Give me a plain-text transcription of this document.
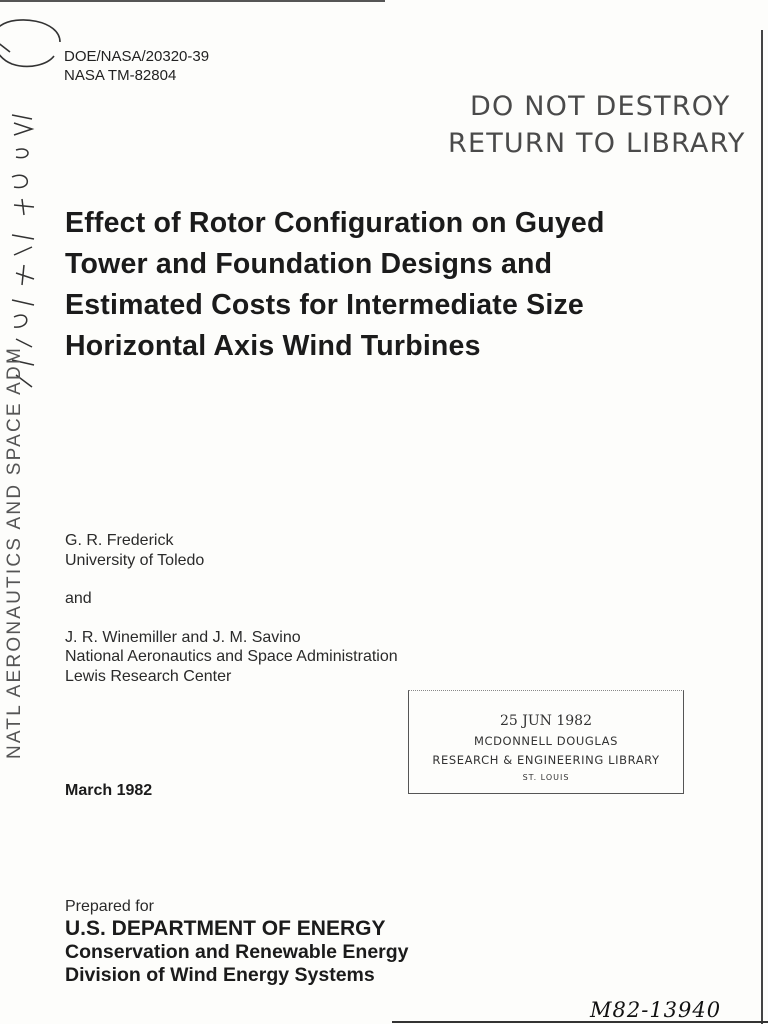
NATL AERONAUTICS AND SPACE ADM
DOE/NASA/20320-39
NASA TM-82804
DO NOT DESTROY
RETURN TO LIBRARY
Effect of Rotor Configuration on Guyed
Tower and Foundation Designs and
Estimated Costs for Intermediate Size
Horizontal Axis Wind Turbines
G. R. Frederick
University of Toledo
and
J. R. Winemiller and J. M. Savino
National Aeronautics and Space Administration
Lewis Research Center
25 JUN 1982
MCDONNELL DOUGLAS
RESEARCH & ENGINEERING LIBRARY
ST. LOUIS
March 1982
Prepared for
U.S. DEPARTMENT OF ENERGY
Conservation and Renewable Energy
Division of Wind Energy Systems
M82-13940
